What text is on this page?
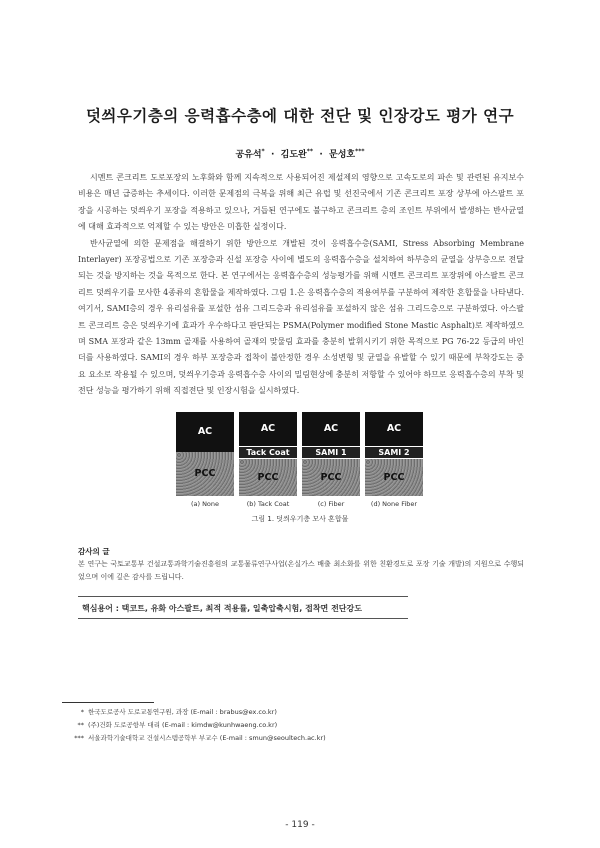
덧씌우기층의 응력흡수층에 대한 전단 및 인장강도 평가 연구
공유석* · 김도완** · 문성호***

시멘트 콘크리트 도로포장의 노후화와 함께 지속적으로 사용되어진 제설제의 영향으로 고속도로의 파손 및 관련된 유지보수 비용은 매년 급증하는 추세이다. 이러한 문제점의 극복을 위해 최근 유럽 및 선진국에서 기존 콘크리트 포장 상부에 아스팔트 포장을 시공하는 덧씌우기 포장을 적용하고 있으나, 거듭된 연구에도 불구하고 콘크리트 층의 조인트 부위에서 발생하는 반사균열에 대해 효과적으로 억제할 수 있는 방안은 미흡한 실정이다.

반사균열에 의한 문제점을 해결하기 위한 방안으로 개발된 것이 응력흡수층(SAMI, Stress Absorbing Membrane Interlayer) 포장공법으로 기존 포장층과 신설 포장층 사이에 별도의 응력흡수층을 설치하여 하부층의 균열을 상부층으로 전달되는 것을 방지하는 것을 목적으로 한다. 본 연구에서는 응력흡수층의 성능평가를 위해 시멘트 콘크리트 포장위에 아스팔트 콘크리트 덧씌우기를 모사한 4종류의 혼합물을 제작하였다. 그림 1.은 응력흡수층의 적용여부를 구분하여 제작한 혼합물을 나타낸다. 여기서, SAMI층의 경우 유리섬유를 포설한 섬유 그리드층과 유리섬유를 포설하지 않은 섬유 그리드층으로 구분하였다. 아스팔트 콘크리트 층은 덧씌우기에 효과가 우수하다고 판단되는 PSMA(Polymer modified Stone Mastic Asphalt)로 제작하였으며 SMA 포장과 같은 13mm 골재를 사용하여 골재의 맞물림 효과를 충분히 발휘시키기 위한 목적으로 PG 76-22 등급의 바인더를 사용하였다. SAMI의 경우 하부 포장층과 접착이 불안정한 경우 소성변형 및 균열을 유발할 수 있기 때문에 부착강도는 중요 요소로 작용될 수 있으며, 덧씌우기층과 응력흡수층 사이의 밀림현상에 충분히 저항할 수 있어야 하므로 응력흡수층의 부착 및 전단 성능을 평가하기 위해 직접전단 및 인장시험을 실시하였다.

AC
PCC
(a) None
AC
Tack Coat
PCC
(b) Tack Coat
AC
SAMI 1
PCC
(c) Fiber
AC
SAMI 2
PCC
(d) None Fiber
그림 1. 덧씌우기층 모사 혼합물
감사의 글
본 연구는 국토교통부 건설교통과학기술진흥원의 교통물류연구사업(온실가스 배출 최소화를 위한 친환경도로 포장 기술 개발)의 지원으로 수행되었으며 이에 깊은 감사를 드립니다.
핵심용어 : 택코트, 유화 아스팔트, 최적 적용률, 일축압축시험, 접착면 전단강도
* 한국도로공사 도로교통연구원, 과장 (E-mail : brabus@ex.co.kr)
** (주)건화 도로공항부 대리 (E-mail : kimdw@kunhwaeng.co.kr)
*** 서울과학기술대학교 건설시스템공학부 부교수 (E-mail : smun@seoultech.ac.kr)
- 119 -
